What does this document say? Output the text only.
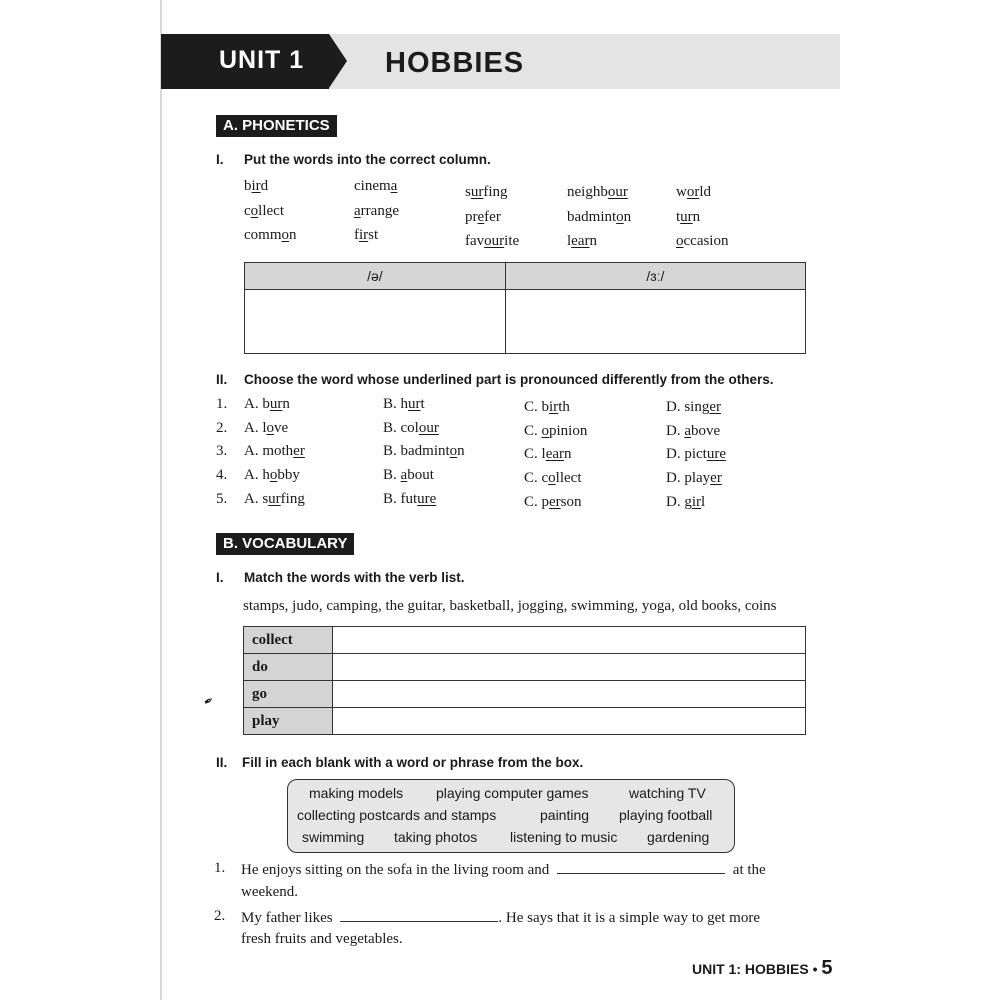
UNIT 1	HOBBIES
A. PHONETICS
I. Put the words into the correct column.
bird	cinema	surfing	neighbour	world
collect	arrange	prefer	badminton	turn
common	first	favourite	learn	occasion
/ə/	/ɜː/

II. Choose the word whose underlined part is pronounced differently from the others.
1. A. burn	B. hurt	C. birth	D. singer
2. A. love	B. colour	C. opinion	D. above
3. A. mother	B. badminton	C. learn	D. picture
4. A. hobby	B. about	C. collect	D. player
5. A. surfing	B. future	C. person	D. girl
B. VOCABULARY
I. Match the words with the verb list.
stamps, judo, camping, the guitar, basketball, jogging, swimming, yoga, old books, coins
collect	
do	
go	
play	
✒
II. Fill in each blank with a word or phrase from the box.
making models playing computer games	watching TV
collecting postcards and stamps	painting playing football
swimming taking photos listening to music gardening
1. He enjoys sitting on the sofa in the living room and	at the
weekend.
2. My father likes	. He says that it is a simple way to get more
fresh fruits and vegetables.
UNIT 1: HOBBIES • 5
